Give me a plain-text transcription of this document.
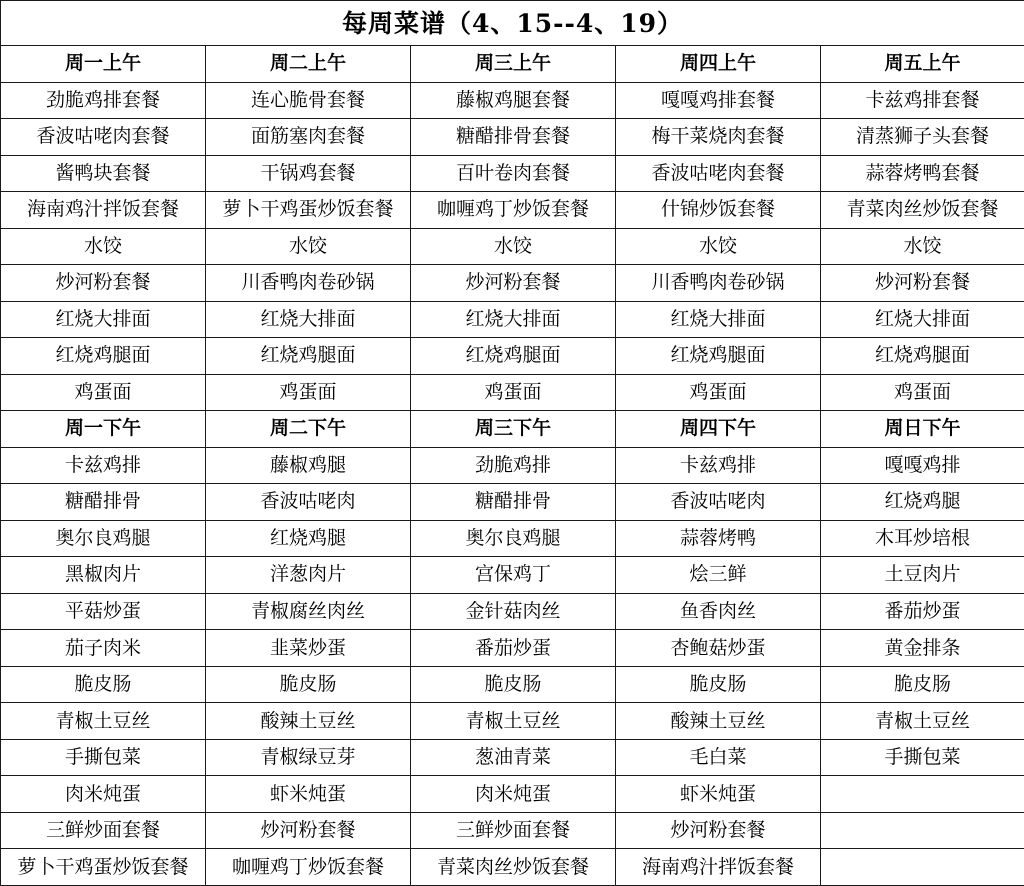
每周菜谱（4、15--4、19）				
周一上午	周二上午	周三上午	周四上午	周五上午
劲脆鸡排套餐	连心脆骨套餐	藤椒鸡腿套餐	嘎嘎鸡排套餐	卡兹鸡排套餐
香波咕咾肉套餐	面筋塞肉套餐	糖醋排骨套餐	梅干菜烧肉套餐	清蒸狮子头套餐
酱鸭块套餐	干锅鸡套餐	百叶卷肉套餐	香波咕咾肉套餐	蒜蓉烤鸭套餐
海南鸡汁拌饭套餐	萝卜干鸡蛋炒饭套餐	咖喱鸡丁炒饭套餐	什锦炒饭套餐	青菜肉丝炒饭套餐
水饺	水饺	水饺	水饺	水饺
炒河粉套餐	川香鸭肉卷砂锅	炒河粉套餐	川香鸭肉卷砂锅	炒河粉套餐
红烧大排面	红烧大排面	红烧大排面	红烧大排面	红烧大排面
红烧鸡腿面	红烧鸡腿面	红烧鸡腿面	红烧鸡腿面	红烧鸡腿面
鸡蛋面	鸡蛋面	鸡蛋面	鸡蛋面	鸡蛋面
周一下午	周二下午	周三下午	周四下午	周日下午
卡兹鸡排	藤椒鸡腿	劲脆鸡排	卡兹鸡排	嘎嘎鸡排
糖醋排骨	香波咕咾肉	糖醋排骨	香波咕咾肉	红烧鸡腿
奥尔良鸡腿	红烧鸡腿	奥尔良鸡腿	蒜蓉烤鸭	木耳炒培根
黑椒肉片	洋葱肉片	宫保鸡丁	烩三鲜	土豆肉片
平菇炒蛋	青椒腐丝肉丝	金针菇肉丝	鱼香肉丝	番茄炒蛋
茄子肉米	韭菜炒蛋	番茄炒蛋	杏鲍菇炒蛋	黄金排条
脆皮肠	脆皮肠	脆皮肠	脆皮肠	脆皮肠
青椒土豆丝	酸辣土豆丝	青椒土豆丝	酸辣土豆丝	青椒土豆丝
手撕包菜	青椒绿豆芽	葱油青菜	毛白菜	手撕包菜
肉米炖蛋	虾米炖蛋	肉米炖蛋	虾米炖蛋	
三鲜炒面套餐	炒河粉套餐	三鲜炒面套餐	炒河粉套餐	
萝卜干鸡蛋炒饭套餐	咖喱鸡丁炒饭套餐	青菜肉丝炒饭套餐	海南鸡汁拌饭套餐	
